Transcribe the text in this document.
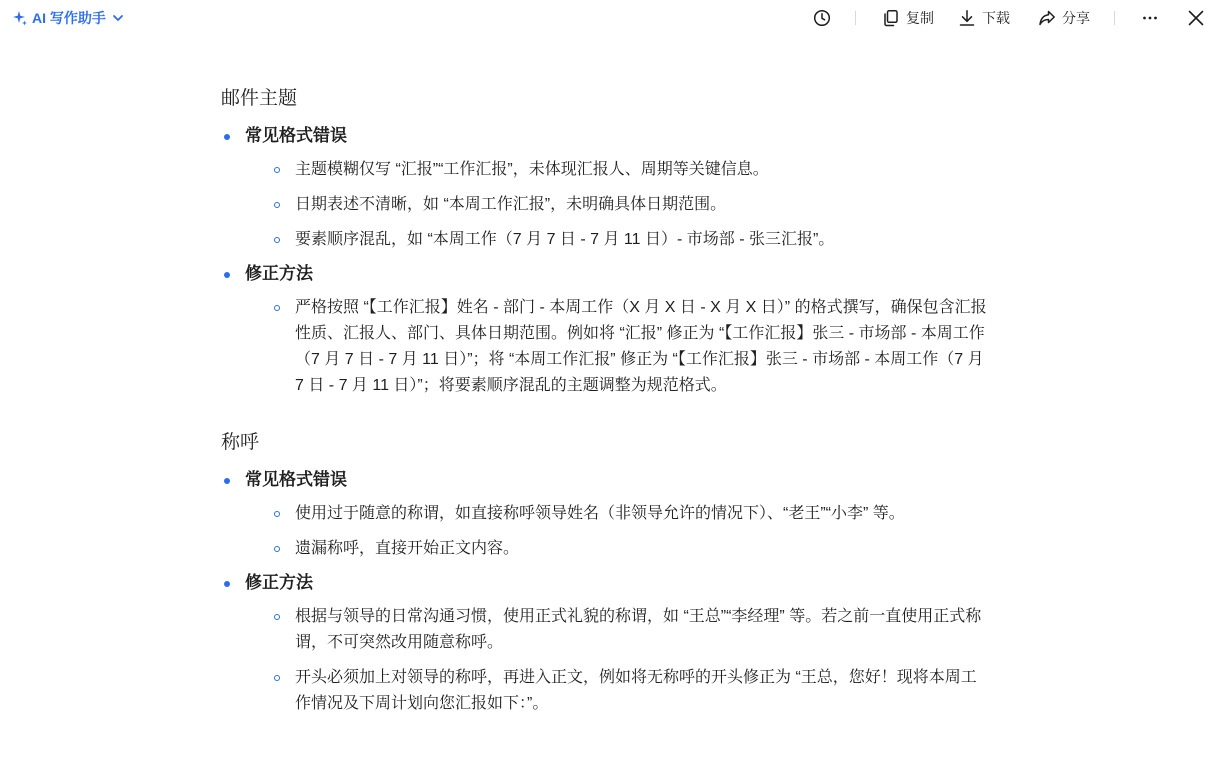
AI 写作助手	复制	下载	分享
邮件主题
常见格式错误
主题模糊仅写 “汇报”“工作汇报”，未体现汇报人、周期等关键信息。
日期表述不清晰，如 “本周工作汇报”，未明确具体日期范围。
要素顺序混乱，如 “本周工作（7 月 7 日 - 7 月 11 日）- 市场部 - 张三汇报”。
修正方法
严格按照 “【工作汇报】姓名 - 部门 - 本周工作（X 月 X 日 - X 月 X 日）” 的格式撰写，确保包含汇报性质、汇报人、部门、具体日期范围。例如将 “汇报” 修正为 “【工作汇报】张三 - 市场部 - 本周工作（7 月 7 日 - 7 月 11 日）”；将 “本周工作汇报” 修正为 “【工作汇报】张三 - 市场部 - 本周工作（7 月 7 日 - 7 月 11 日）”；将要素顺序混乱的主题调整为规范格式。
称呼
常见格式错误
使用过于随意的称谓，如直接称呼领导姓名（非领导允许的情况下）、“老王”“小李” 等。
遗漏称呼，直接开始正文内容。
修正方法
根据与领导的日常沟通习惯，使用正式礼貌的称谓，如 “王总”“李经理” 等。若之前一直使用正式称谓，不可突然改用随意称呼。
开头必须加上对领导的称呼，再进入正文，例如将无称呼的开头修正为 “王总，您好！现将本周工作情况及下周计划向您汇报如下：”。
